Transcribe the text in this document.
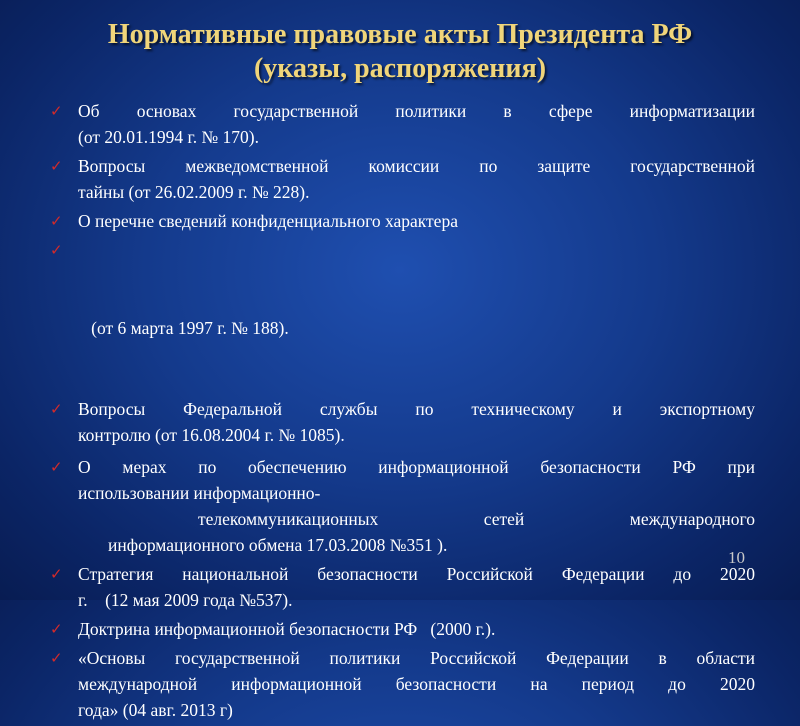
Нормативные правовые акты Президента РФ
(указы, распоряжения)
✓ Об основах государственной политики в сфере информатизации
(от 20.01.1994 г. № 170).
✓ Вопросы межведомственной комиссии по защите государственной
тайны (от 26.02.2009 г. № 228).
✓ О перечне сведений конфиденциального характера

✓

(от 6 марта 1997 г. № 188).

✓ Вопросы Федеральной службы по техническому и экспортному
контролю (от 16.08.2004 г. № 1085).
✓ О мерах по обеспечению информационной безопасности РФ при
использовании информационно-
телекоммуникационных сетей международного
информационного обмена 17.03.2008 №351 ).
✓ Стратегия национальной безопасности Российской Федерации до 2020
г.    (12 мая 2009 года №537).
✓ Доктрина информационной безопасности РФ   (2000 г.).
✓ «Основы государственной политики Российской Федерации в области
международной информационной безопасности на период до 2020
года» (04 авг. 2013 г)
10
